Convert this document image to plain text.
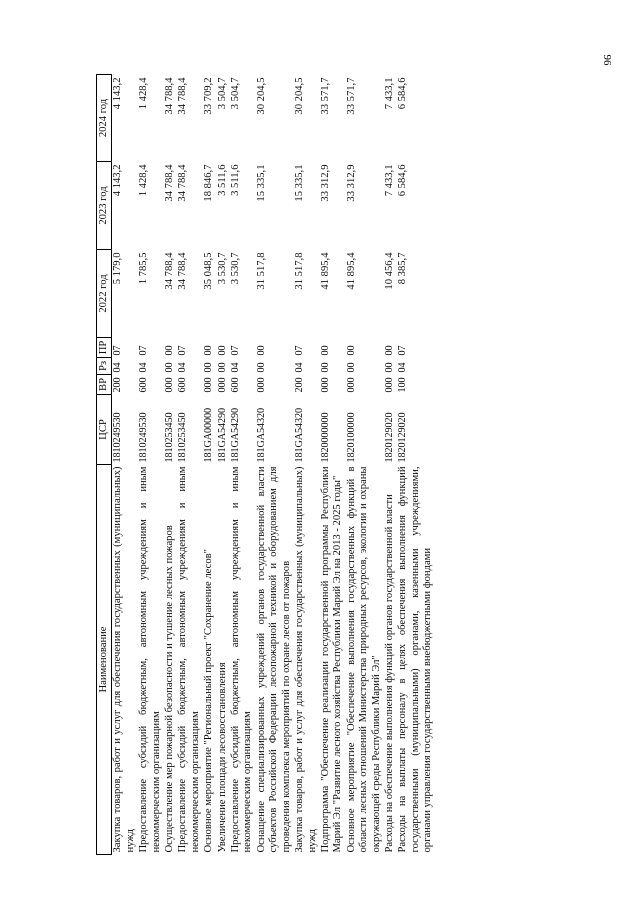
96
Наименование	ЦСР	ВР	Рз	ПР	2022 год	2023 год	2024 год
Закупка товаров, работ и услуг для обеспечения государственных (муниципальных) нужд	1810249530	200	04	07	5 179,0	4 143,2	4 143,2
Предоставление субсидий бюджетным, автономным учреждениям и иным некоммерческим организациям	1810249530	600	04	07	1 785,5	1 428,4	1 428,4
Осуществление мер пожарной безопасности и тушение лесных пожаров	1810253450	000	00	00	34 788,4	34 788,4	34 788,4
Предоставление субсидий бюджетным, автономным учреждениям и иным некоммерческим организациям	1810253450	600	04	07	34 788,4	34 788,4	34 788,4
Основное мероприятие "Региональный проект "Сохранение лесов"	181GA00000	000	00	00	35 048,5	18 846,7	33 709,2
Увеличение площади лесовосстановления	181GA54290	000	00	00	3 530,7	3 511,6	3 504,7
Предоставление субсидий бюджетным, автономным учреждениям и иным некоммерческим организациям	181GA54290	600	04	07	3 530,7	3 511,6	3 504,7
Оснащение специализированных учреждений органов государственной власти субъектов Российской Федерации лесопожарной техникой и оборудованием для проведения комплекса мероприятий по охране лесов от пожаров	181GA54320	000	00	00	31 517,8	15 335,1	30 204,5
Закупка товаров, работ и услуг для обеспечения государственных (муниципальных) нужд	181GA54320	200	04	07	31 517,8	15 335,1	30 204,5
Подпрограмма "Обеспечение реализации государственной программы Республики Марий Эл "Развитие лесного хозяйства Республики Марий Эл на 2013 - 2025 годы"	1820000000	000	00	00	41 895,4	33 312,9	33 571,7
Основное мероприятие "Обеспечение выполнения государственных функций в области лесных отношений Министерства природных ресурсов, экологии и охраны окружающей среды Республики Марий Эл"	1820100000	000	00	00	41 895,4	33 312,9	33 571,7
Расходы на обеспечение выполнения функций органов государственной власти	1820129020	000	00	00	10 456,4	7 433,1	7 433,1
Расходы на выплаты персоналу в целях обеспечения выполнения функций государственными (муниципальными) органами, казенными учреждениями, органами управления государственными внебюджетными фондами	1820129020	100	04	07	8 385,7	6 584,6	6 584,6
